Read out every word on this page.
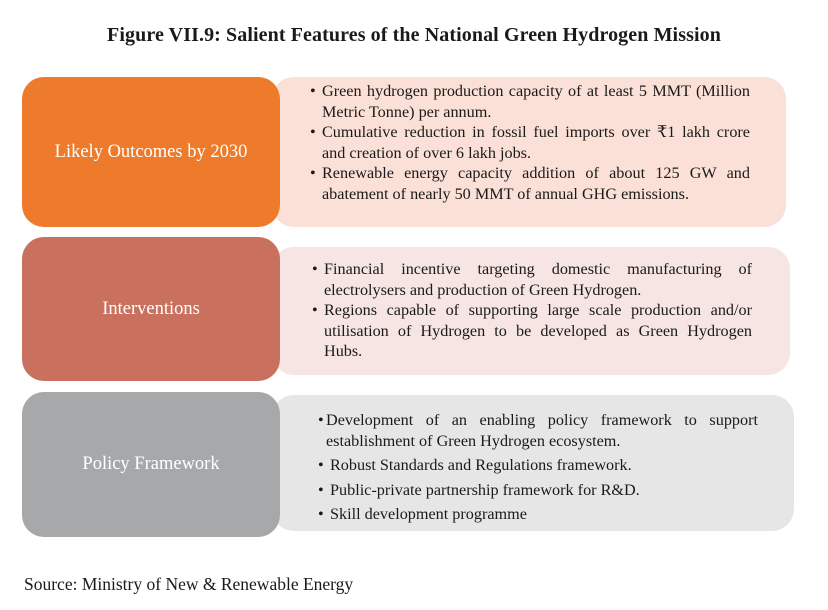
Figure VII.9: Salient Features of the National Green Hydrogen Mission
• Green hydrogen production capacity of at least 5 MMT (Million Metric Tonne) per annum.
• Cumulative reduction in fossil fuel imports over ₹1 lakh crore and creation of over 6 lakh jobs.
• Renewable energy capacity addition of about 125 GW and abatement of nearly 50 MMT of annual GHG emissions.
Likely Outcomes by 2030
• Financial incentive targeting domestic manufacturing of electrolysers and production of Green Hydrogen.
• Regions capable of supporting large scale production and/or utilisation of Hydrogen to be developed as Green Hydrogen Hubs.
Interventions
• Development of an enabling policy framework to support establishment of Green Hydrogen ecosystem.
• Robust Standards and Regulations framework.
• Public-private partnership framework for R&D.
• Skill development programme
Policy Framework
Source: Ministry of New & Renewable Energy
